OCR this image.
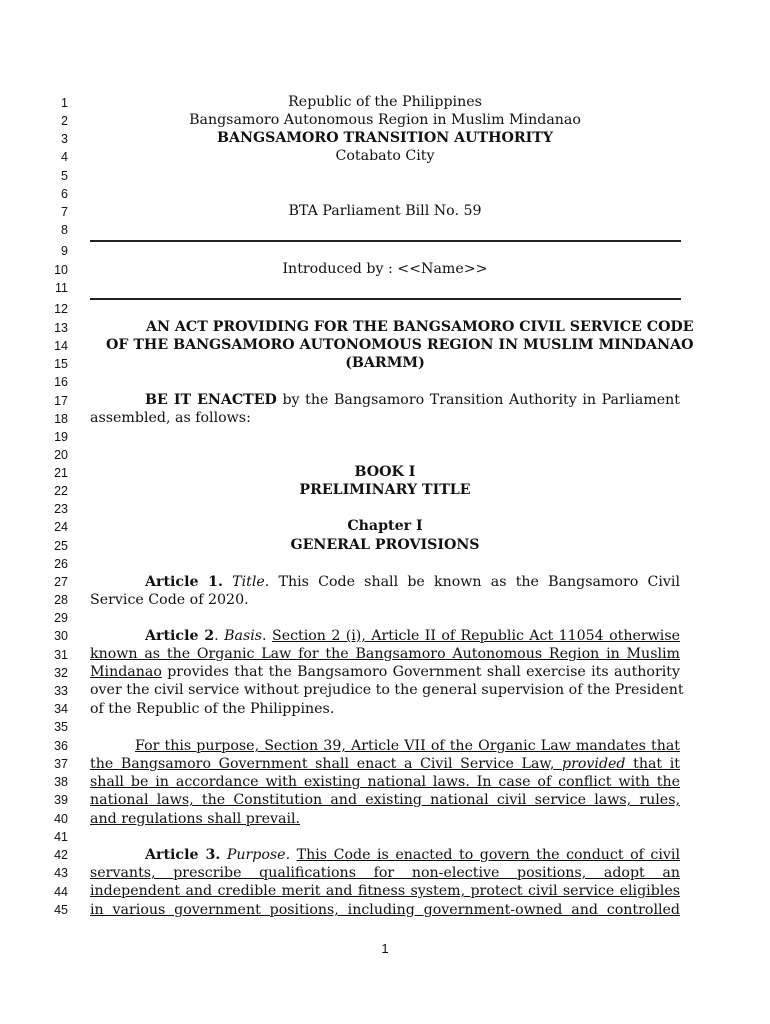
1
2
3
4
5
6
7
8
9
10
11
12
13
14
15
16
17
18
19
20
21
22
23
24
25
26
27
28
29
30
31
32
33
34
35
36
37
38
39
40
41
42
43
44
45
Republic of the Philippines
Bangsamoro Autonomous Region in Muslim Mindanao
BANGSAMORO TRANSITION AUTHORITY
Cotabato City
BTA Parliament Bill No. 59
Introduced by : <<Name>>
AN ACT PROVIDING FOR THE BANGSAMORO CIVIL SERVICE CODE
OF THE BANGSAMORO AUTONOMOUS REGION IN MUSLIM MINDANAO
(BARMM)
BE IT ENACTED by the Bangsamoro Transition Authority in Parliament
assembled, as follows:
BOOK I
PRELIMINARY TITLE
Chapter I
GENERAL PROVISIONS
Article 1. Title. This Code shall be known as the Bangsamoro Civil
Service Code of 2020.
Article 2. Basis. Section 2 (i), Article II of Republic Act 11054 otherwise
known as the Organic Law for the Bangsamoro Autonomous Region in Muslim
Mindanao provides that the Bangsamoro Government shall exercise its authority
over the civil service without prejudice to the general supervision of the President
of the Republic of the Philippines.
For this purpose, Section 39, Article VII of the Organic Law mandates that
the Bangsamoro Government shall enact a Civil Service Law, provided that it
shall be in accordance with existing national laws. In case of conflict with the
national laws, the Constitution and existing national civil service laws, rules,
and regulations shall prevail.
Article 3. Purpose. This Code is enacted to govern the conduct of civil
servants, prescribe qualifications for non-elective positions, adopt an
independent and credible merit and fitness system, protect civil service eligibles
in various government positions, including government-owned and controlled
1
